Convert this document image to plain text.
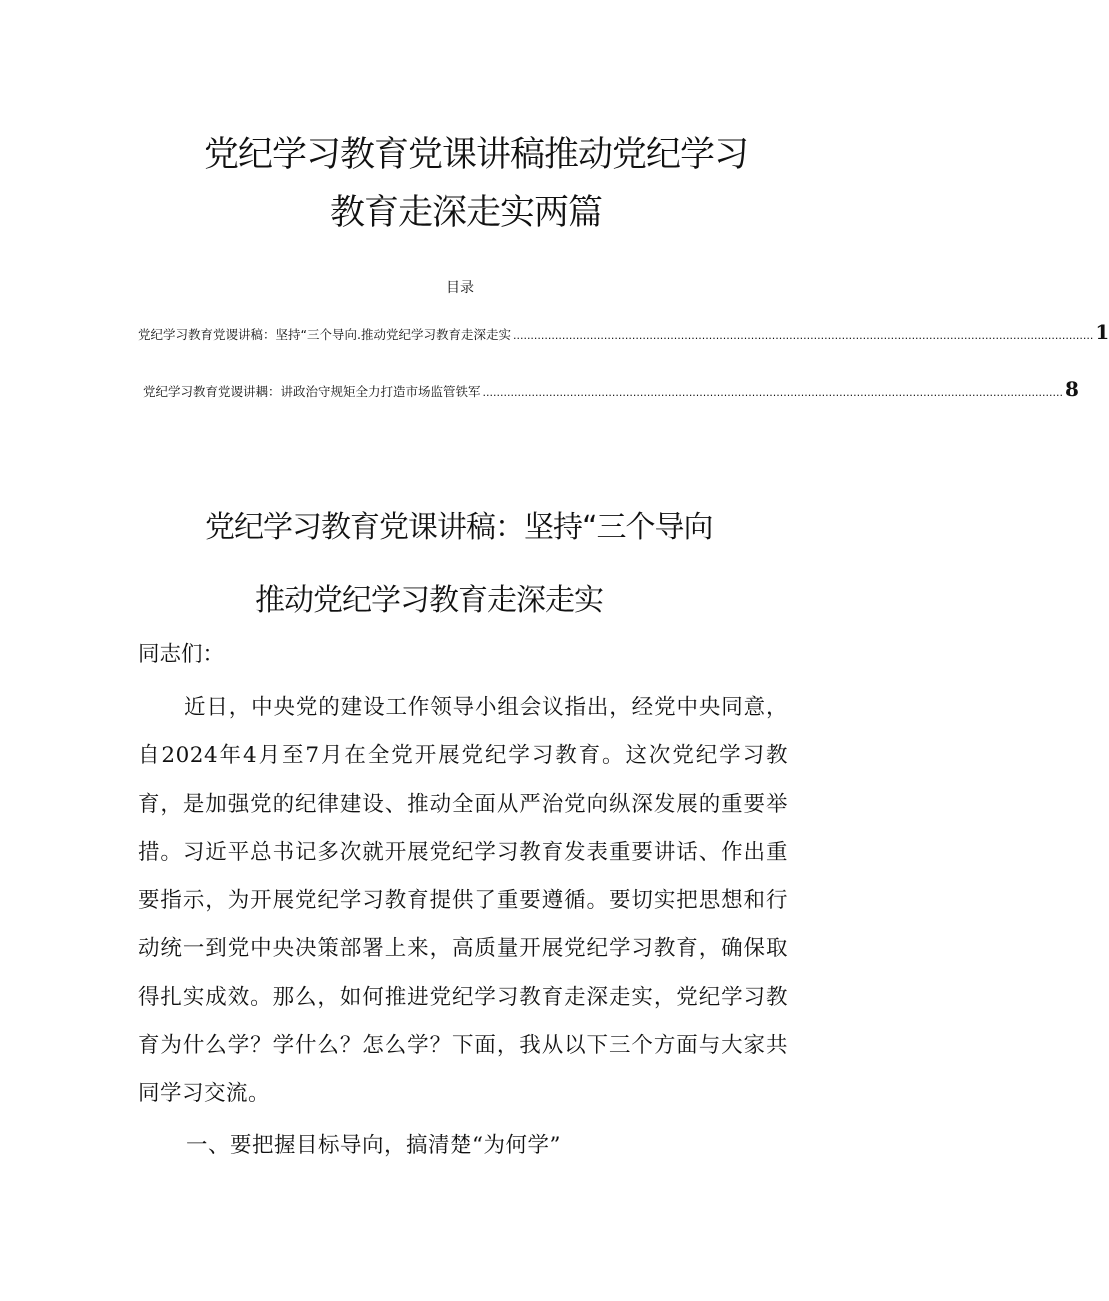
党纪学习教育党课讲稿推动党纪学习
教育走深走实两篇
目录
党纪学习教育党谡讲稿：坚持“三个导向.推动党纪学习教育走深走实 ...................................................................................................................................................................... 1
党纪学习教育党谡讲耦：讲政治守规矩全力打造市场监管铁军 ...................................................................................................................................................................... 8
党纪学习教育党课讲稿：坚持“三个导向
推动党纪学习教育走深走实
同志们：

近日，中央党的建设工作领导小组会议指出，经党中央同意，自2024年4月至7月在全党开展党纪学习教育。这次党纪学习教育，是加强党的纪律建设、推动全面从严治党向纵深发展的重要举措。习近平总书记多次就开展党纪学习教育发表重要讲话、作出重要指示，为开展党纪学习教育提供了重要遵循。要切实把思想和行动统一到党中央决策部署上来，高质量开展党纪学习教育，确保取得扎实成效。那么，如何推进党纪学习教育走深走实，党纪学习教育为什么学？学什么？怎么学？下面，我从以下三个方面与大家共同学习交流。

一、要把握目标导向，搞清楚“为何学”
